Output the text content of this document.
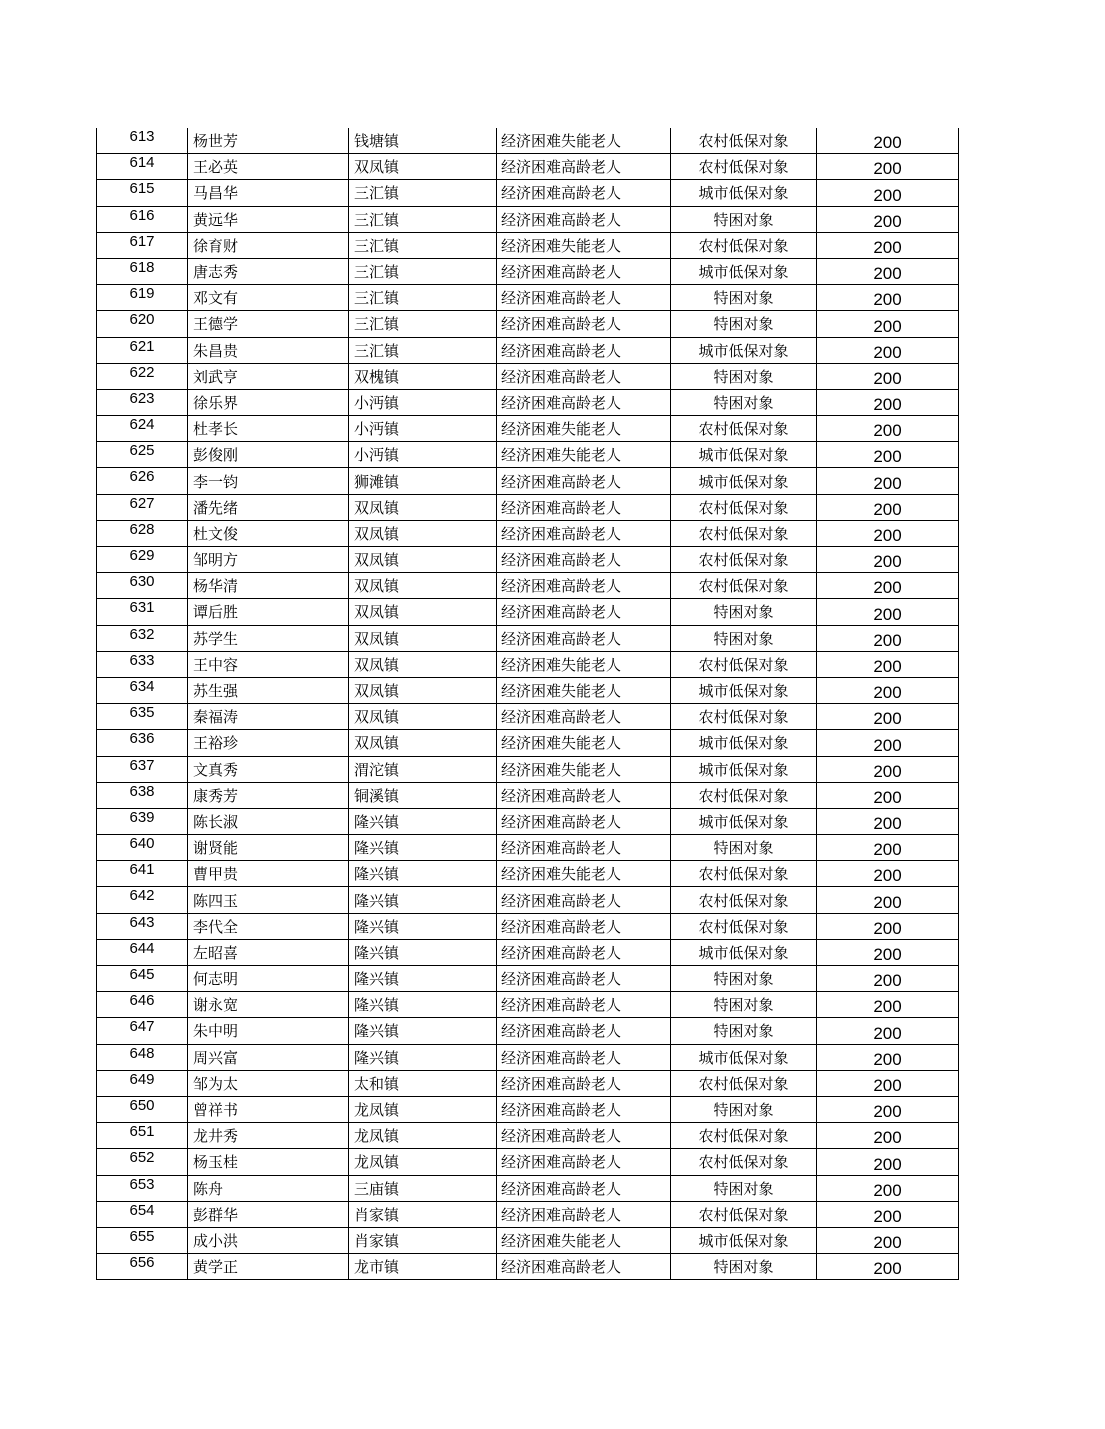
613	杨世芳	钱塘镇	经济困难失能老人	农村低保对象	200
614	王必英	双凤镇	经济困难高龄老人	农村低保对象	200
615	马昌华	三汇镇	经济困难高龄老人	城市低保对象	200
616	黄远华	三汇镇	经济困难高龄老人	特困对象	200
617	徐育财	三汇镇	经济困难失能老人	农村低保对象	200
618	唐志秀	三汇镇	经济困难高龄老人	城市低保对象	200
619	邓文有	三汇镇	经济困难高龄老人	特困对象	200
620	王德学	三汇镇	经济困难高龄老人	特困对象	200
621	朱昌贵	三汇镇	经济困难高龄老人	城市低保对象	200
622	刘武亨	双槐镇	经济困难高龄老人	特困对象	200
623	徐乐界	小沔镇	经济困难高龄老人	特困对象	200
624	杜孝长	小沔镇	经济困难失能老人	农村低保对象	200
625	彭俊刚	小沔镇	经济困难失能老人	城市低保对象	200
626	李一钧	狮滩镇	经济困难高龄老人	城市低保对象	200
627	潘先绪	双凤镇	经济困难高龄老人	农村低保对象	200
628	杜文俊	双凤镇	经济困难高龄老人	农村低保对象	200
629	邹明方	双凤镇	经济困难高龄老人	农村低保对象	200
630	杨华清	双凤镇	经济困难高龄老人	农村低保对象	200
631	谭后胜	双凤镇	经济困难高龄老人	特困对象	200
632	苏学生	双凤镇	经济困难高龄老人	特困对象	200
633	王中容	双凤镇	经济困难失能老人	农村低保对象	200
634	苏生强	双凤镇	经济困难失能老人	城市低保对象	200
635	秦福涛	双凤镇	经济困难高龄老人	农村低保对象	200
636	王裕珍	双凤镇	经济困难失能老人	城市低保对象	200
637	文真秀	渭沱镇	经济困难失能老人	城市低保对象	200
638	康秀芳	铜溪镇	经济困难高龄老人	农村低保对象	200
639	陈长淑	隆兴镇	经济困难高龄老人	城市低保对象	200
640	谢贤能	隆兴镇	经济困难高龄老人	特困对象	200
641	曹甲贵	隆兴镇	经济困难失能老人	农村低保对象	200
642	陈四玉	隆兴镇	经济困难高龄老人	农村低保对象	200
643	李代全	隆兴镇	经济困难高龄老人	农村低保对象	200
644	左昭喜	隆兴镇	经济困难高龄老人	城市低保对象	200
645	何志明	隆兴镇	经济困难高龄老人	特困对象	200
646	谢永宽	隆兴镇	经济困难高龄老人	特困对象	200
647	朱中明	隆兴镇	经济困难高龄老人	特困对象	200
648	周兴富	隆兴镇	经济困难高龄老人	城市低保对象	200
649	邹为太	太和镇	经济困难高龄老人	农村低保对象	200
650	曾祥书	龙凤镇	经济困难高龄老人	特困对象	200
651	龙井秀	龙凤镇	经济困难高龄老人	农村低保对象	200
652	杨玉桂	龙凤镇	经济困难高龄老人	农村低保对象	200
653	陈舟	三庙镇	经济困难高龄老人	特困对象	200
654	彭群华	肖家镇	经济困难高龄老人	农村低保对象	200
655	成小洪	肖家镇	经济困难失能老人	城市低保对象	200
656	黄学正	龙市镇	经济困难高龄老人	特困对象	200
